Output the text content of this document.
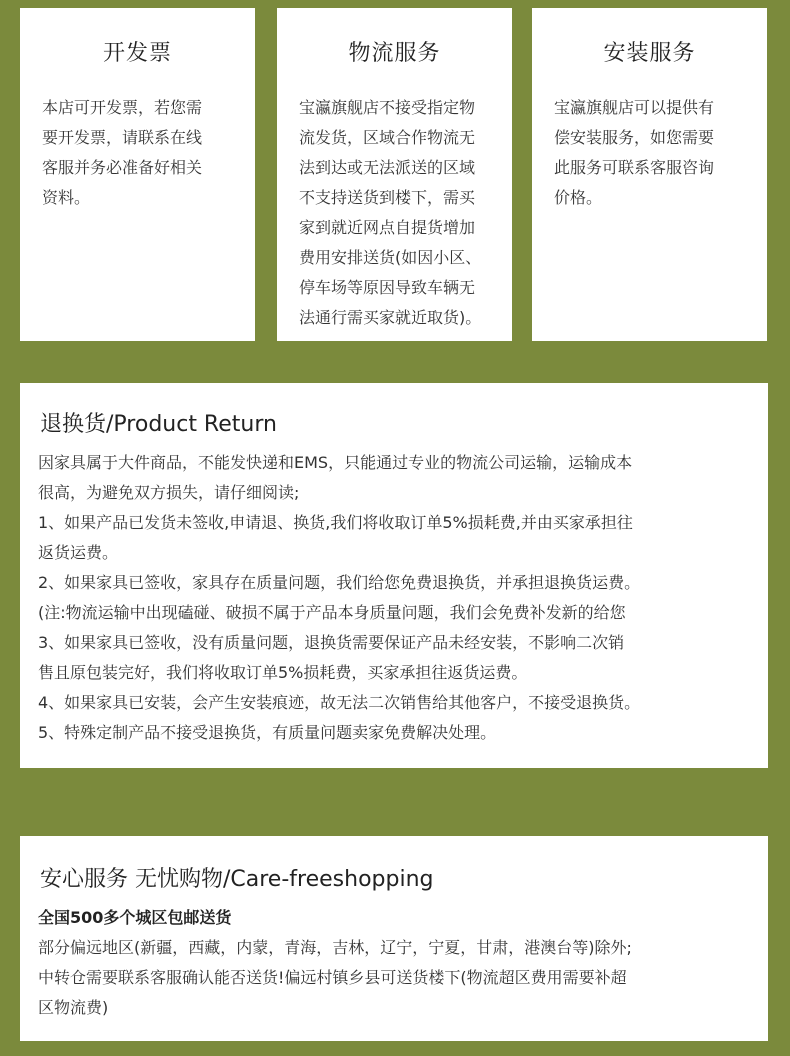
开发票
本店可开发票，若您需
要开发票，请联系在线
客服并务必准备好相关
资料。
物流服务
宝瀛旗舰店不接受指定物
流发货，区域合作物流无
法到达或无法派送的区域
不支持送货到楼下，需买
家到就近网点自提货增加
费用安排送货(如因小区、
停车场等原因导致车辆无
法通行需买家就近取货)。
安装服务
宝瀛旗舰店可以提供有
偿安装服务，如您需要
此服务可联系客服咨询
价格。
退换货/Product Return
因家具属于大件商品，不能发快递和EMS，只能通过专业的物流公司运输，运输成本
很高，为避免双方损失，请仔细阅读;
1、如果产品已发货未签收,申请退、换货,我们将收取订单5%损耗费,并由买家承担往
返货运费。
2、如果家具已签收，家具存在质量问题，我们给您免费退换货，并承担退换货运费。
(注:物流运输中出现磕碰、破损不属于产品本身质量问题，我们会免费补发新的给您
3、如果家具已签收，没有质量问题，退换货需要保证产品未经安装，不影响二次销
售且原包装完好，我们将收取订单5%损耗费，买家承担往返货运费。
4、如果家具已安装，会产生安装痕迹，故无法二次销售给其他客户，不接受退换货。
5、特殊定制产品不接受退换货，有质量问题卖家免费解决处理。
安心服务 无忧购物/Care-freeshopping
全国500多个城区包邮送货
部分偏远地区(新疆，西藏，内蒙，青海，吉林，辽宁，宁夏，甘肃，港澳台等)除外;
中转仓需要联系客服确认能否送货!偏远村镇乡县可送货楼下(物流超区费用需要补超
区物流费)
